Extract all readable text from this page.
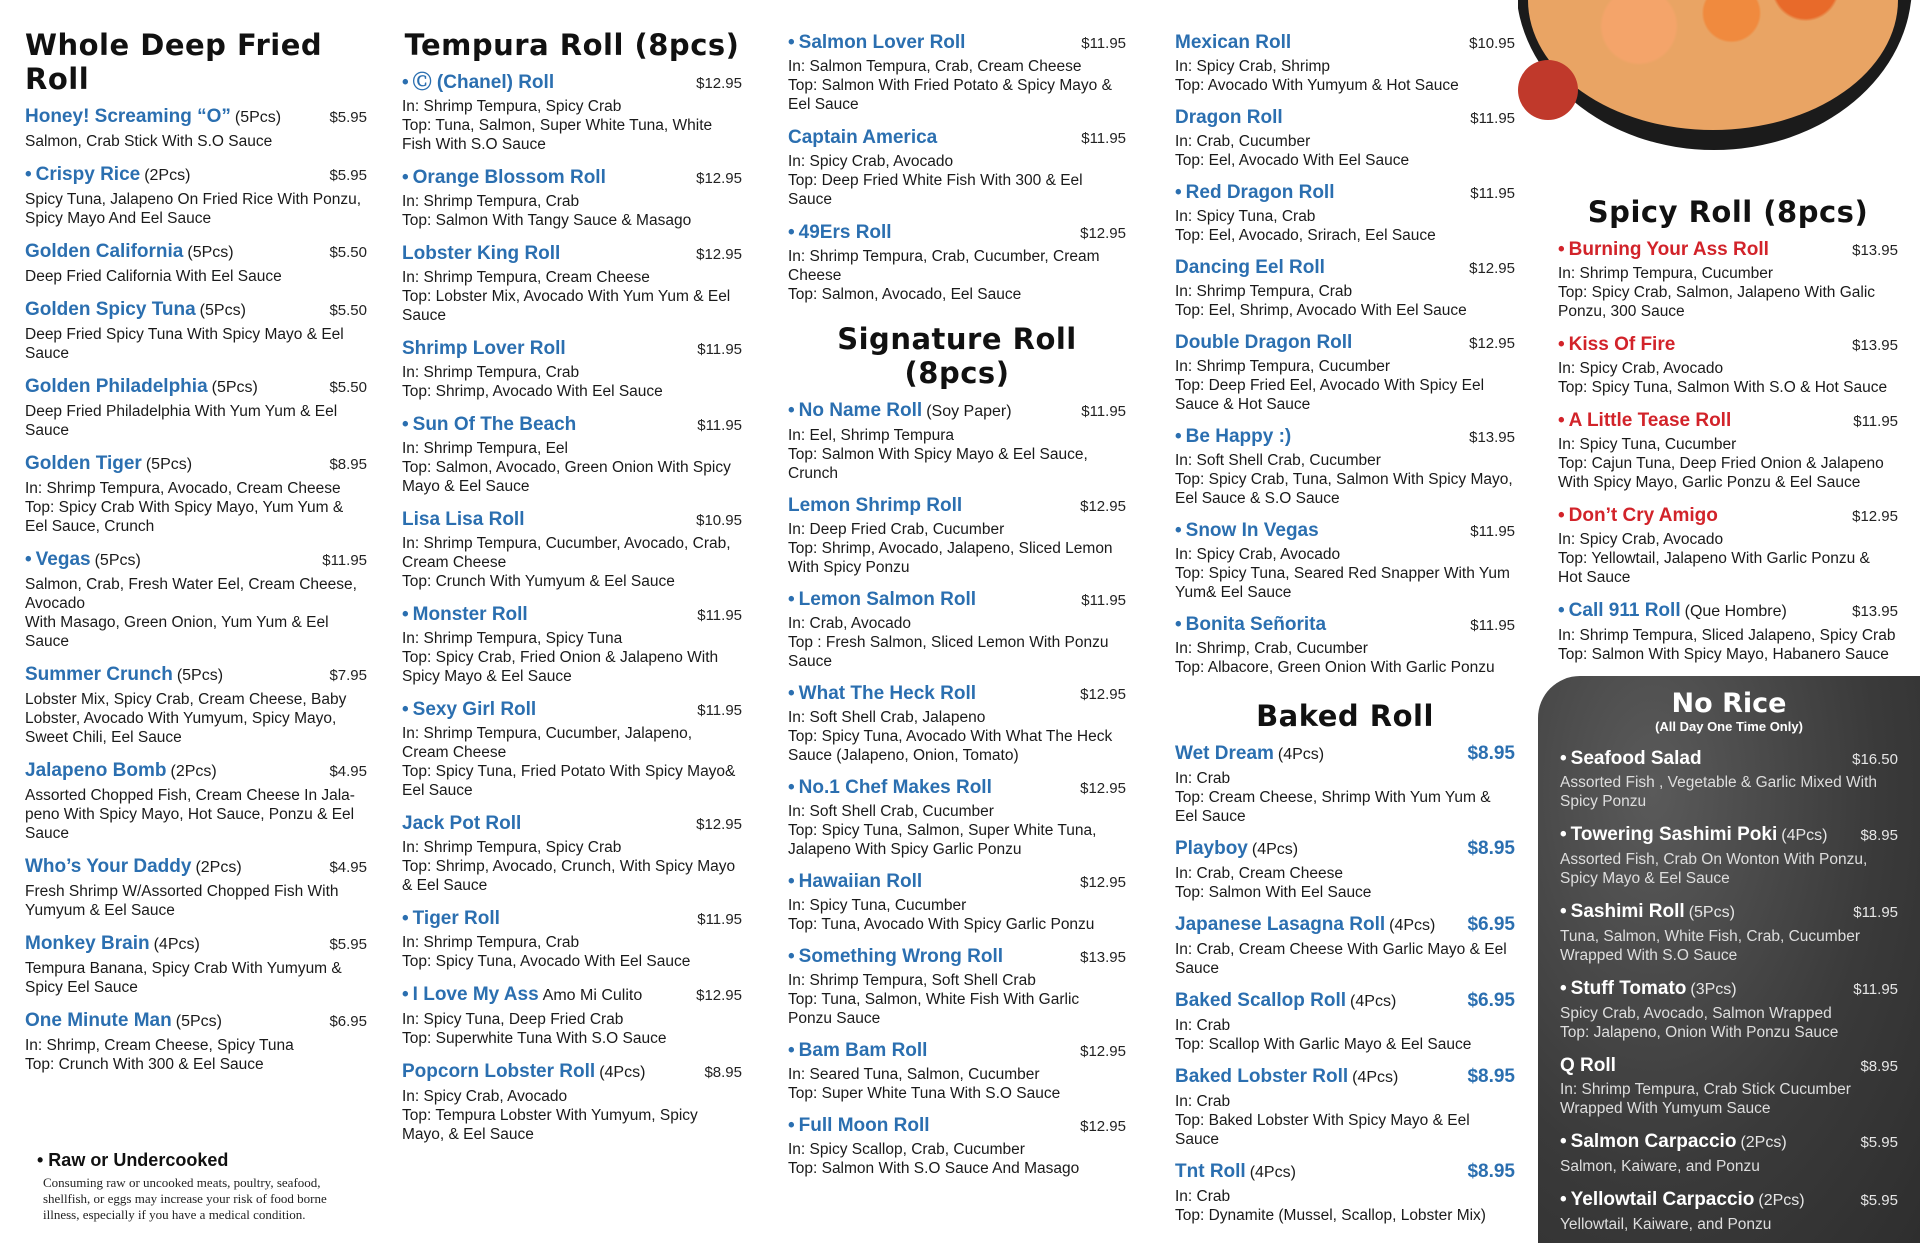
Whole Deep Fried Roll
Honey! Screaming “O” (5Pcs)	$5.95
Salmon, Crab Stick With S.O Sauce
• Crispy Rice (2Pcs)	$5.95
Spicy Tuna, Jalapeno On Fried Rice With Ponzu, Spicy Mayo And Eel Sauce
Golden California (5Pcs)	$5.50
Deep Fried California With Eel Sauce
Golden Spicy Tuna (5Pcs)	$5.50
Deep Fried Spicy Tuna With Spicy Mayo & Eel Sauce
Golden Philadelphia (5Pcs)	$5.50
Deep Fried Philadelphia With Yum Yum & Eel Sauce
Golden Tiger (5Pcs)	$8.95
In: Shrimp Tempura, Avocado, Cream Cheese
Top: Spicy Crab With Spicy Mayo, Yum Yum & Eel Sauce, Crunch
• Vegas (5Pcs)	$11.95
Salmon, Crab, Fresh Water Eel, Cream Cheese, Avocado
With Masago, Green Onion, Yum Yum & Eel Sauce
Summer Crunch (5Pcs)	$7.95
Lobster Mix, Spicy Crab, Cream Cheese, Baby Lobster, Avocado With Yumyum, Spicy Mayo, Sweet Chili, Eel Sauce
Jalapeno Bomb (2Pcs)	$4.95
Assorted Chopped Fish, Cream Cheese In Jala-peno With Spicy Mayo, Hot Sauce, Ponzu & Eel Sauce
Who’s Your Daddy (2Pcs)	$4.95
Fresh Shrimp W/Assorted Chopped Fish With Yumyum & Eel Sauce
Monkey Brain (4Pcs)	$5.95
Tempura Banana, Spicy Crab With Yumyum & Spicy Eel Sauce
One Minute Man (5Pcs)	$6.95
In: Shrimp, Cream Cheese, Spicy Tuna
Top: Crunch With 300 & Eel Sauce
• Raw or Undercooked
Consuming raw or uncooked meats, poultry, seafood, shellfish, or eggs may increase your risk of food borne illness, especially if you have a medical condition.
Tempura Roll (8pcs)
• Ⓒ (Chanel) Roll	$12.95
In: Shrimp Tempura, Spicy Crab
Top: Tuna, Salmon, Super White Tuna, White Fish With S.O Sauce
• Orange Blossom Roll	$12.95
In: Shrimp Tempura, Crab
Top: Salmon With Tangy Sauce & Masago
Lobster King Roll	$12.95
In: Shrimp Tempura, Cream Cheese
Top: Lobster Mix, Avocado With Yum Yum & Eel Sauce
Shrimp Lover Roll	$11.95
In: Shrimp Tempura, Crab
Top: Shrimp, Avocado With Eel Sauce
• Sun Of The Beach	$11.95
In: Shrimp Tempura, Eel
Top: Salmon, Avocado, Green Onion With Spicy Mayo & Eel Sauce
Lisa Lisa Roll	$10.95
In: Shrimp Tempura, Cucumber, Avocado, Crab, Cream Cheese
Top: Crunch With Yumyum & Eel Sauce
• Monster Roll	$11.95
In: Shrimp Tempura, Spicy Tuna
Top: Spicy Crab, Fried Onion & Jalapeno With Spicy Mayo & Eel Sauce
• Sexy Girl Roll	$11.95
In: Shrimp Tempura, Cucumber, Jalapeno, Cream Cheese
Top: Spicy Tuna, Fried Potato With Spicy Mayo& Eel Sauce
Jack Pot Roll	$12.95
In: Shrimp Tempura, Spicy Crab
Top: Shrimp, Avocado, Crunch, With Spicy Mayo & Eel Sauce
• Tiger Roll	$11.95
In: Shrimp Tempura, Crab
Top: Spicy Tuna, Avocado With Eel Sauce
• I Love My Ass Amo Mi Culito	$12.95
In: Spicy Tuna, Deep Fried Crab
Top: Superwhite Tuna With S.O Sauce
Popcorn Lobster Roll (4Pcs)	$8.95
In: Spicy Crab, Avocado
Top: Tempura Lobster With Yumyum, Spicy Mayo, & Eel Sauce
• Salmon Lover Roll	$11.95
In: Salmon Tempura, Crab, Cream Cheese
Top: Salmon With Fried Potato & Spicy Mayo & Eel Sauce
Captain America	$11.95
In: Spicy Crab, Avocado
Top: Deep Fried White Fish With 300 & Eel Sauce
• 49Ers Roll	$12.95
In: Shrimp Tempura, Crab, Cucumber, Cream Cheese
Top: Salmon, Avocado, Eel Sauce
Signature Roll (8pcs)
• No Name Roll (Soy Paper)	$11.95
In: Eel, Shrimp Tempura
Top: Salmon With Spicy Mayo & Eel Sauce, Crunch
Lemon Shrimp Roll	$12.95
In: Deep Fried Crab, Cucumber
Top: Shrimp, Avocado, Jalapeno, Sliced Lemon With Spicy Ponzu
• Lemon Salmon Roll	$11.95
In: Crab, Avocado
Top : Fresh Salmon, Sliced Lemon With Ponzu Sauce
• What The Heck Roll	$12.95
In: Soft Shell Crab, Jalapeno
Top: Spicy Tuna, Avocado With What The Heck Sauce (Jalapeno, Onion, Tomato)
• No.1 Chef Makes Roll	$12.95
In: Soft Shell Crab, Cucumber
Top: Spicy Tuna, Salmon, Super White Tuna, Jalapeno With Spicy Garlic Ponzu
• Hawaiian Roll	$12.95
In: Spicy Tuna, Cucumber
Top: Tuna, Avocado With Spicy Garlic Ponzu
• Something Wrong Roll	$13.95
In: Shrimp Tempura, Soft Shell Crab
Top: Tuna, Salmon, White Fish With Garlic Ponzu Sauce
• Bam Bam Roll	$12.95
In: Seared Tuna, Salmon, Cucumber
Top: Super White Tuna With S.O Sauce
• Full Moon Roll	$12.95
In: Spicy Scallop, Crab, Cucumber
Top: Salmon With S.O Sauce And Masago
Mexican Roll	$10.95
In: Spicy Crab, Shrimp
Top: Avocado With Yumyum & Hot Sauce
Dragon Roll	$11.95
In: Crab, Cucumber
Top: Eel, Avocado With Eel Sauce
• Red Dragon Roll	$11.95
In: Spicy Tuna, Crab
Top: Eel, Avocado, Srirach, Eel Sauce
Dancing Eel Roll	$12.95
In: Shrimp Tempura, Crab
Top: Eel, Shrimp, Avocado With Eel Sauce
Double Dragon Roll	$12.95
In: Shrimp Tempura, Cucumber
Top: Deep Fried Eel, Avocado With Spicy Eel Sauce & Hot Sauce
• Be Happy :)	$13.95
In: Soft Shell Crab, Cucumber
Top: Spicy Crab, Tuna, Salmon With Spicy Mayo, Eel Sauce & S.O Sauce
• Snow In Vegas	$11.95
In: Spicy Crab, Avocado
Top: Spicy Tuna, Seared Red Snapper With Yum Yum& Eel Sauce
• Bonita Señorita	$11.95
In: Shrimp, Crab, Cucumber
Top: Albacore, Green Onion With Garlic Ponzu
Baked Roll
Wet Dream (4Pcs)	$8.95
In: Crab
Top: Cream Cheese, Shrimp With Yum Yum & Eel Sauce
Playboy (4Pcs)	$8.95
In: Crab, Cream Cheese
Top: Salmon With Eel Sauce
Japanese Lasagna Roll (4Pcs)	$6.95
In: Crab, Cream Cheese With Garlic Mayo & Eel Sauce
Baked Scallop Roll (4Pcs)	$6.95
In: Crab
Top: Scallop With Garlic Mayo & Eel Sauce
Baked Lobster Roll (4Pcs)	$8.95
In: Crab
Top: Baked Lobster With Spicy Mayo & Eel Sauce
Tnt Roll (4Pcs)	$8.95
In: Crab
Top: Dynamite (Mussel, Scallop, Lobster Mix)
Spicy Roll (8pcs)
• Burning Your Ass Roll	$13.95
In: Shrimp Tempura, Cucumber
Top: Spicy Crab, Salmon, Jalapeno With Galic Ponzu, 300 Sauce
• Kiss Of Fire	$13.95
In: Spicy Crab, Avocado
Top: Spicy Tuna, Salmon With S.O & Hot Sauce
• A Little Tease Roll	$11.95
In: Spicy Tuna, Cucumber
Top: Cajun Tuna, Deep Fried Onion & Jalapeno With Spicy Mayo, Garlic Ponzu & Eel Sauce
• Don’t Cry Amigo	$12.95
In: Spicy Crab, Avocado
Top: Yellowtail, Jalapeno With Garlic Ponzu & Hot Sauce
• Call 911 Roll (Que Hombre)	$13.95
In: Shrimp Tempura, Sliced Jalapeno, Spicy Crab
Top: Salmon With Spicy Mayo, Habanero Sauce
No Rice
(All Day One Time Only)
• Seafood Salad	$16.50
Assorted Fish , Vegetable & Garlic Mixed With Spicy Ponzu
• Towering Sashimi Poki (4Pcs)	$8.95
Assorted Fish, Crab On Wonton With Ponzu, Spicy Mayo & Eel Sauce
• Sashimi Roll (5Pcs)	$11.95
Tuna, Salmon, White Fish, Crab, Cucumber Wrapped With S.O Sauce
• Stuff Tomato (3Pcs)	$11.95
Spicy Crab, Avocado, Salmon Wrapped
Top: Jalapeno, Onion With Ponzu Sauce
Q Roll	$8.95
In: Shrimp Tempura, Crab Stick Cucumber Wrapped With Yumyum Sauce
• Salmon Carpaccio (2Pcs)	$5.95
Salmon, Kaiware, and Ponzu
• Yellowtail Carpaccio (2Pcs)	$5.95
Yellowtail, Kaiware, and Ponzu
